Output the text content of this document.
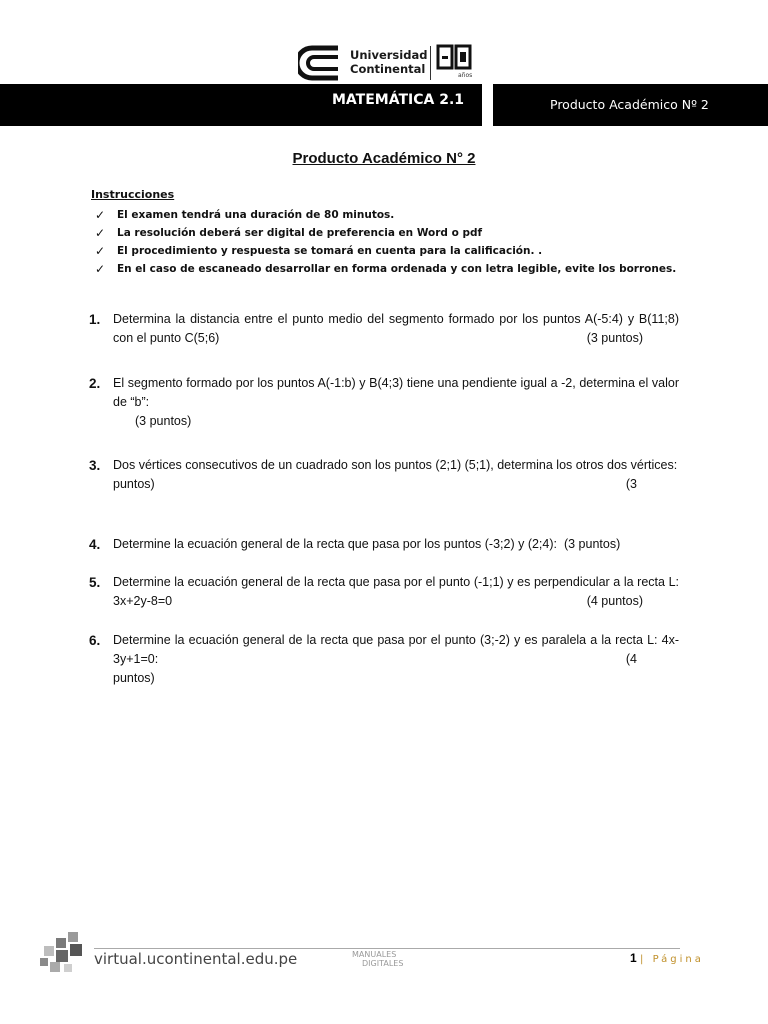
Universidad
Continental	años
MATEMÁTICA 2.1	Producto Académico Nº 2
Producto Académico N° 2
Instrucciones
✓	El examen tendrá una duración de 80 minutos.
✓	La resolución deberá ser digital de preferencia en Word o pdf
✓	El procedimiento y respuesta se tomará en cuenta para la calificación. .
✓	En el caso de escaneado desarrollar en forma ordenada y con letra legible, evite los borrones.
1. Determina la distancia entre el punto medio del segmento formado por los puntos A(-5:4) y B(11;8) con el punto C(5;6)	(3 puntos)
2. El segmento formado por los puntos A(-1:b) y B(4;3) tiene una pendiente igual a -2, determina el valor de “b”:
(3 puntos)
3. Dos vértices consecutivos de un cuadrado son los puntos (2;1) (5;1), determina los otros dos vértices:
(3

puntos)
4. Determine la ecuación general de la recta que pasa por los puntos (-3;2) y (2;4): (3 puntos)
5. Determine la ecuación general de la recta que pasa por el punto (-1;1) y es perpendicular a la recta L: 3x+2y-8=0	(4 puntos)
6. Determine la ecuación general de la recta que pasa por el punto (3;-2) y es paralela a la recta L: 4x-3y+1=0:	(4

puntos)
virtual.ucontinental.edu.pe	MANUALES
DIGITALES	1 | Página
